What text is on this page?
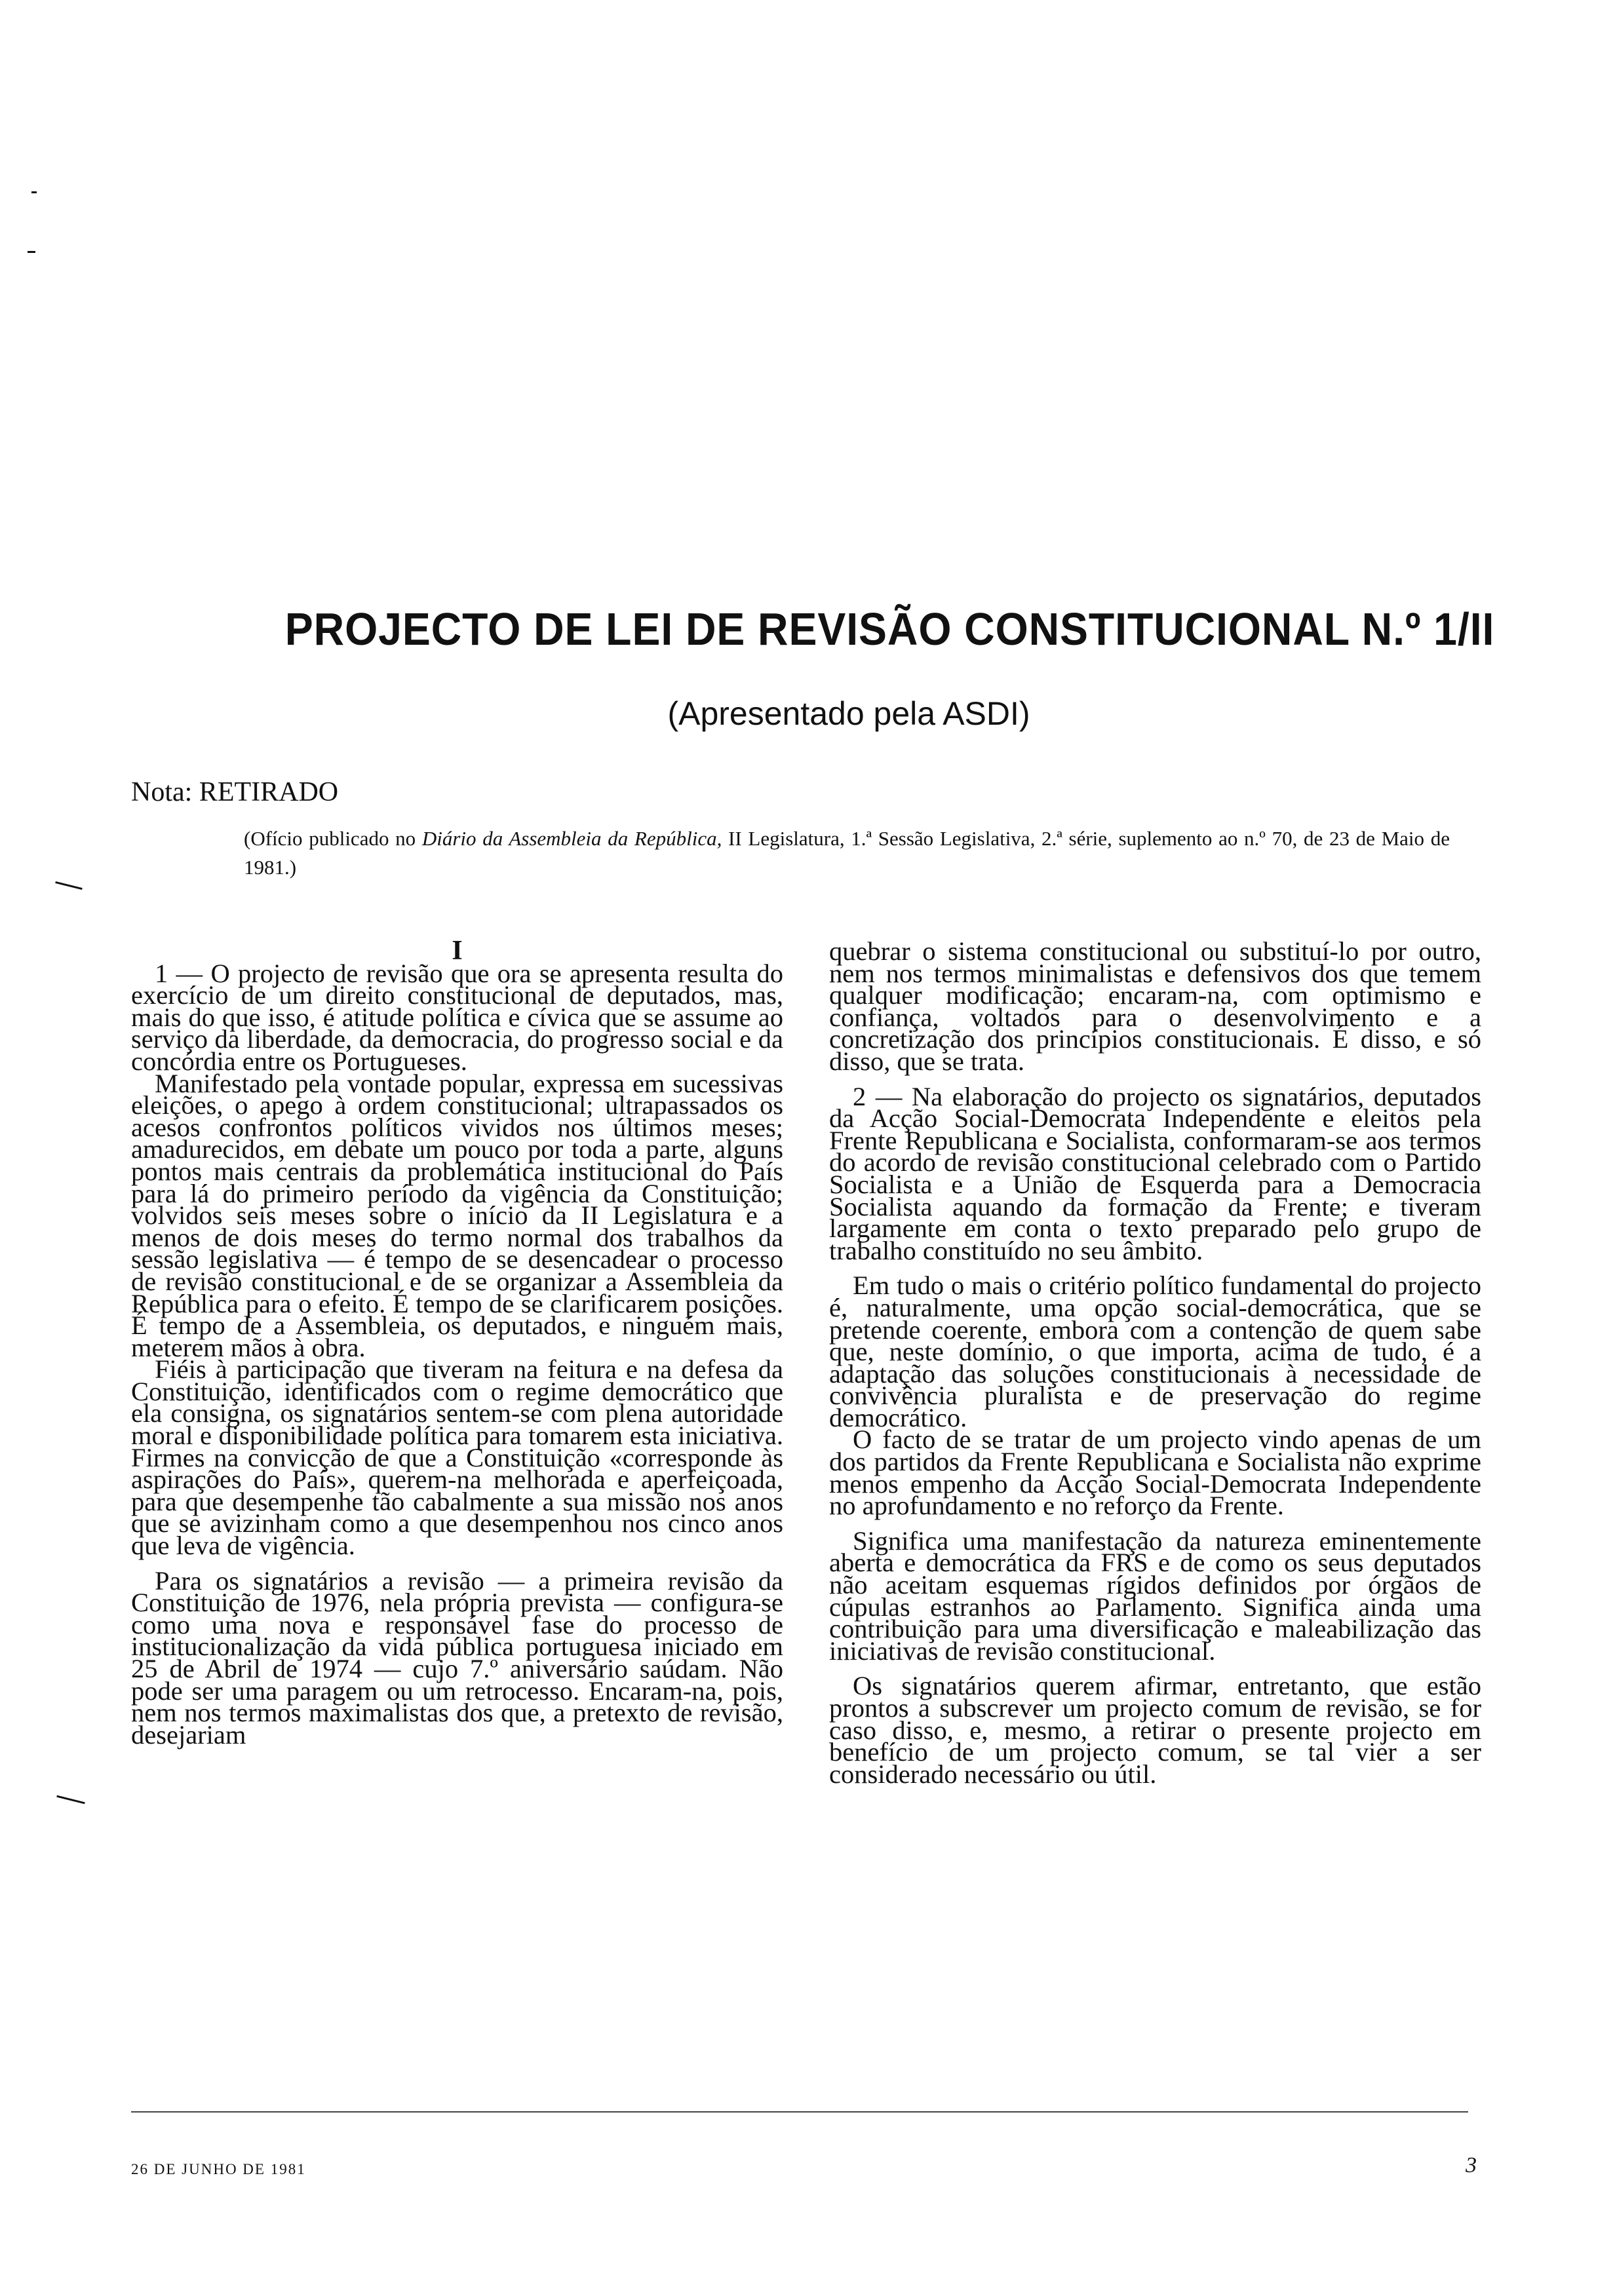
PROJECTO DE LEI DE REVISÃO CONSTITUCIONAL N.º 1/II
(Apresentado pela ASDI)
Nota: RETIRADO
(Ofício publicado no Diário da Assembleia da República, II Legislatura, 1.ª Sessão Legislativa, 2.ª série, suplemento ao n.º 70, de 23 de Maio de 1981.)

I

1 — O projecto de revisão que ora se apresenta resulta do exercício de um direito constitucional de deputados, mas, mais do que isso, é atitude política e cívica que se assume ao serviço da liberdade, da democracia, do progresso social e da concórdia entre os Portugueses.

Manifestado pela vontade popular, expressa em sucessivas eleições, o apego à ordem constitucional; ultrapassados os acesos confrontos políticos vividos nos últimos meses; amadurecidos, em debate um pouco por toda a parte, alguns pontos mais centrais da problemática institucional do País para lá do primeiro período da vigência da Constituição; volvidos seis meses sobre o início da II Legislatura e a menos de dois meses do termo normal dos trabalhos da sessão legislativa — é tempo de se desencadear o processo de revisão constitucional e de se organizar a Assembleia da República para o efeito. É tempo de se clarificarem posições. É tempo de a Assembleia, os deputados, e ninguém mais, meterem mãos à obra.

Fiéis à participação que tiveram na feitura e na defesa da Constituição, identificados com o regime democrático que ela consigna, os signatários sentem-se com plena autoridade moral e disponibilidade política para tomarem esta iniciativa. Firmes na convicção de que a Constituição «corresponde às aspirações do País», querem-na melhorada e aperfeiçoada, para que desempenhe tão cabalmente a sua missão nos anos que se avizinham como a que desempenhou nos cinco anos que leva de vigência.

Para os signatários a revisão — a primeira revisão da Constituição de 1976, nela própria prevista — configura-se como uma nova e responsável fase do processo de institucionalização da vida pública portuguesa iniciado em 25 de Abril de 1974 — cujo 7.º aniversário saúdam. Não pode ser uma paragem ou um retrocesso. Encaram-na, pois, nem nos termos maximalistas dos que, a pretexto de revisão, desejariam

quebrar o sistema constitucional ou substituí-lo por outro, nem nos termos minimalistas e defensivos dos que temem qualquer modificação; encaram-na, com optimismo e confiança, voltados para o desenvolvimento e a concretização dos princípios constitucionais. É disso, e só disso, que se trata.

2 — Na elaboração do projecto os signatários, deputados da Acção Social-Democrata Independente e eleitos pela Frente Republicana e Socialista, conformaram-se aos termos do acordo de revisão constitucional celebrado com o Partido Socialista e a União de Esquerda para a Democracia Socialista aquando da formação da Frente; e tiveram largamente em conta o texto preparado pelo grupo de trabalho constituído no seu âmbito.

Em tudo o mais o critério político fundamental do projecto é, naturalmente, uma opção social-democrática, que se pretende coerente, embora com a contenção de quem sabe que, neste domínio, o que importa, acima de tudo, é a adaptação das soluções constitucionais à necessidade de convivência pluralista e de preservação do regime democrático.

O facto de se tratar de um projecto vindo apenas de um dos partidos da Frente Republicana e Socialista não exprime menos empenho da Acção Social-Democrata Independente no aprofundamento e no reforço da Frente.

Significa uma manifestação da natureza eminentemente aberta e democrática da FRS e de como os seus deputados não aceitam esquemas rígidos definidos por órgãos de cúpulas estranhos ao Parlamento. Significa ainda uma contribuição para uma diversificação e maleabilização das iniciativas de revisão constitucional.

Os signatários querem afirmar, entretanto, que estão prontos a subscrever um projecto comum de revisão, se for caso disso, e, mesmo, a retirar o presente projecto em benefício de um projecto comum, se tal vier a ser considerado necessário ou útil.

26 DE JUNHO DE 1981	3
